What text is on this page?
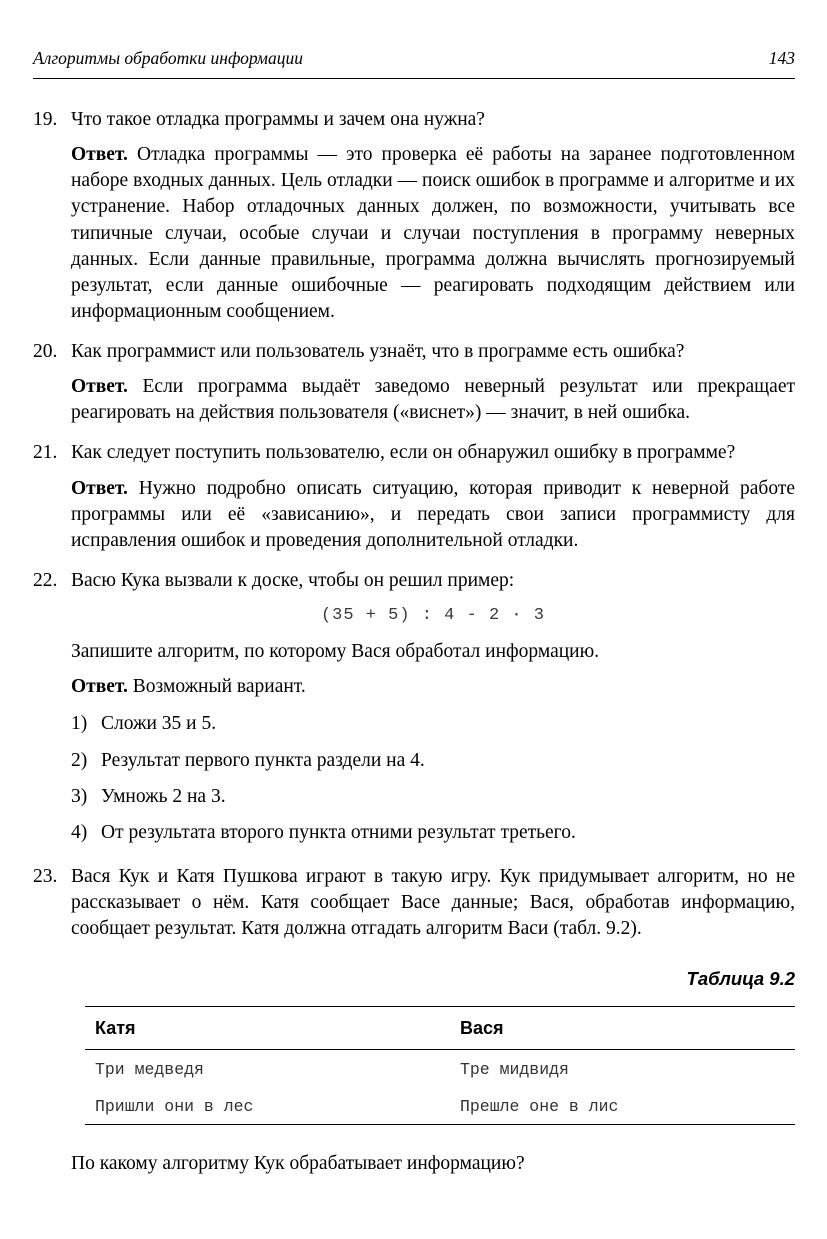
Алгоритмы обработки информации	143
19. Что такое отладка программы и зачем она нужна?

Ответ. Отладка программы — это проверка её работы на заранее подготовленном наборе входных данных. Цель отладки — поиск ошибок в программе и алгоритме и их устранение. Набор отладочных данных должен, по возможности, учитывать все типичные случаи, особые случаи и случаи поступления в программу неверных данных. Если данные правильные, программа должна вычислять прогнозируемый результат, если данные ошибочные — реагировать подходящим действием или информационным сообщением.

20. Как программист или пользователь узнаёт, что в программе есть ошибка?

Ответ. Если программа выдаёт заведомо неверный результат или прекращает реагировать на действия пользователя («виснет») — значит, в ней ошибка.

21. Как следует поступить пользователю, если он обнаружил ошибку в программе?

Ответ. Нужно подробно описать ситуацию, которая приводит к неверной работе программы или её «зависанию», и передать свои записи программисту для исправления ошибок и проведения дополнительной отладки.

22. Васю Кука вызвали к доске, чтобы он решил пример:
(35 + 5) : 4 - 2 · 3

Запишите алгоритм, по которому Вася обработал информацию.

Ответ. Возможный вариант.

1) Сложи 35 и 5.
2) Результат первого пункта раздели на 4.
3) Умножь 2 на 3.
4) От результата второго пункта отними результат третьего.
23. Вася Кук и Катя Пушкова играют в такую игру. Кук придумывает алгоритм, но не рассказывает о нём. Катя сообщает Васе данные; Вася, обработав информацию, сообщает результат. Катя должна отгадать алгоритм Васи (табл. 9.2).
Таблица 9.2
Катя	Вася
Три медведя	Тре мидвидя
Пришли они в лес	Прешле оне в лис

По какому алгоритму Кук обрабатывает информацию?
